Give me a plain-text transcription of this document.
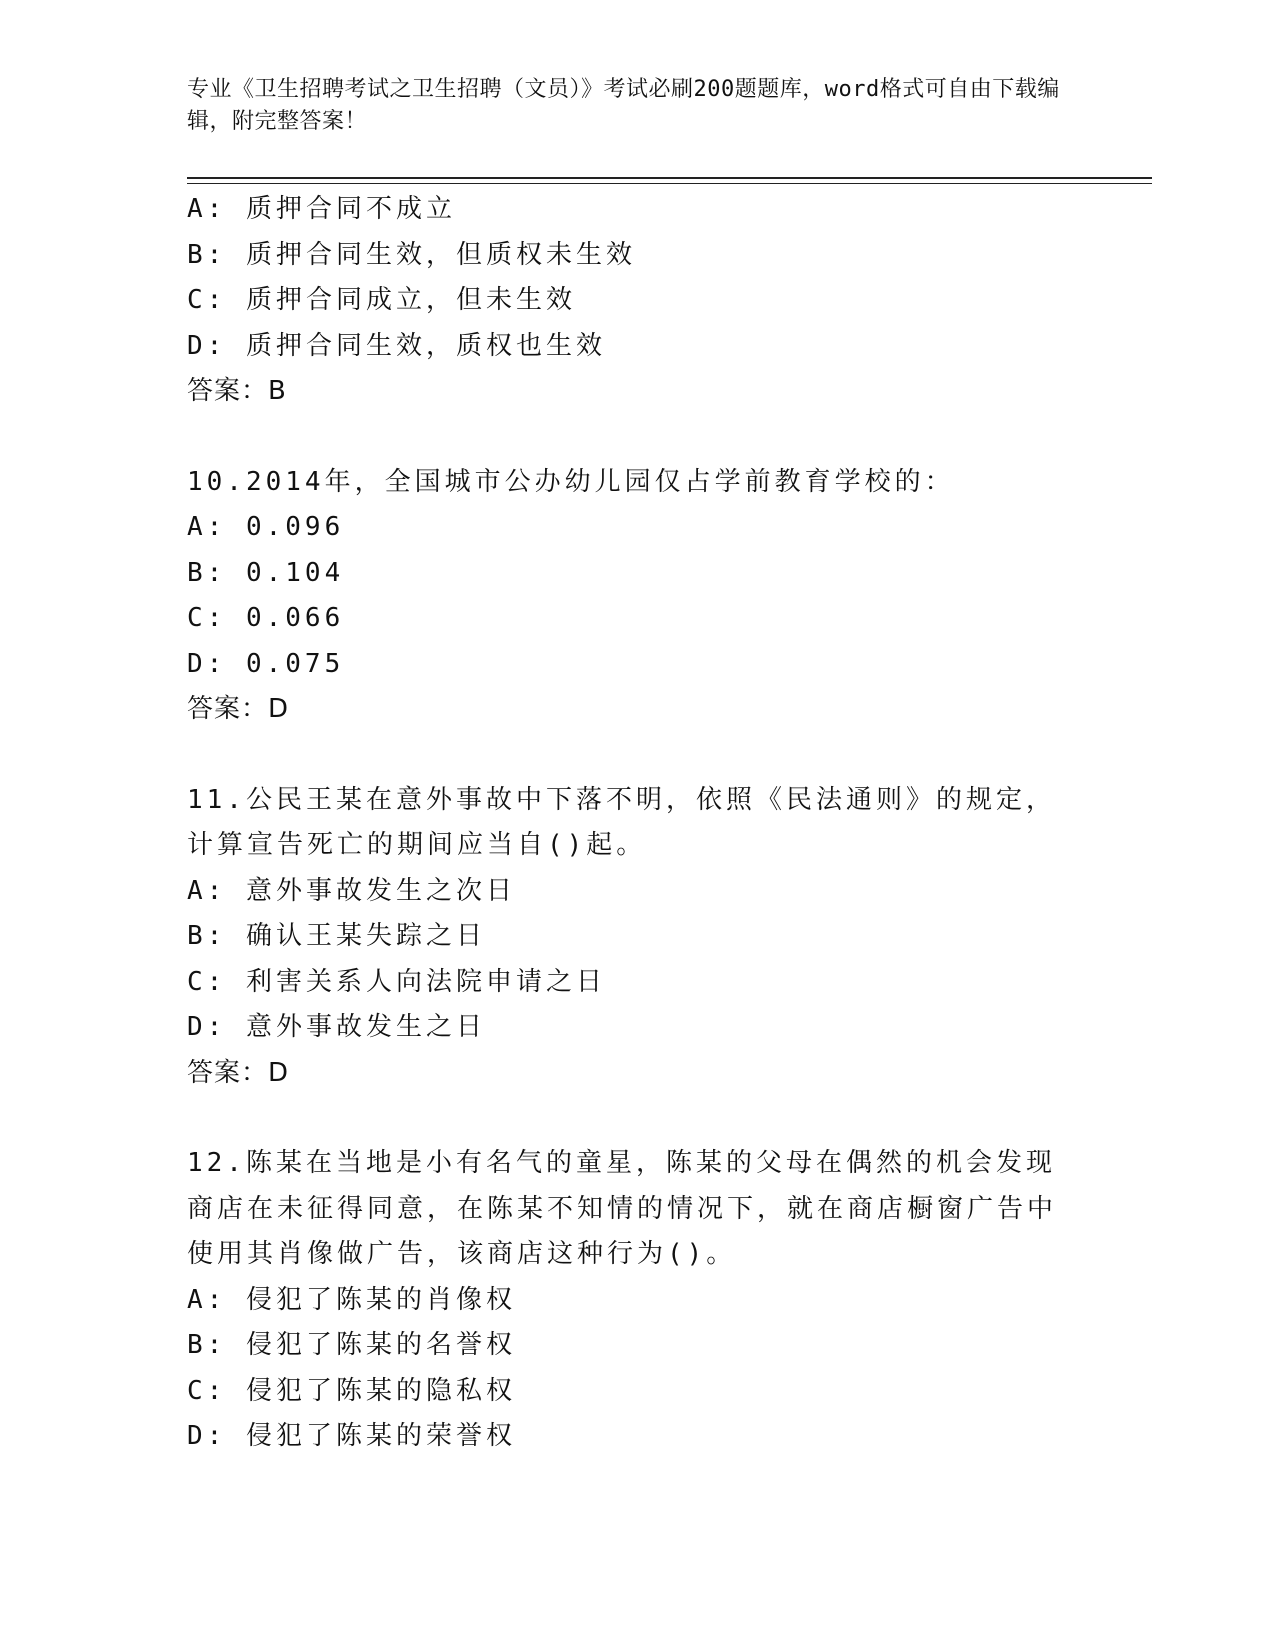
专业《卫生招聘考试之卫生招聘（文员）》考试必刷200题题库，word格式可自由下载编辑，附完整答案！

A: 质押合同不成立

B: 质押合同生效，但质权未生效

C: 质押合同成立，但未生效

D: 质押合同生效，质权也生效

答案：B

10.2014年，全国城市公办幼儿园仅占学前教育学校的：

A: 0.096

B: 0.104

C: 0.066

D: 0.075

答案：D

11.公民王某在意外事故中下落不明，依照《民法通则》的规定，计算宣告死亡的期间应当自()起。

A: 意外事故发生之次日

B: 确认王某失踪之日

C: 利害关系人向法院申请之日

D: 意外事故发生之日

答案：D

12.陈某在当地是小有名气的童星，陈某的父母在偶然的机会发现商店在未征得同意，在陈某不知情的情况下，就在商店橱窗广告中使用其肖像做广告，该商店这种行为()。

A: 侵犯了陈某的肖像权

B: 侵犯了陈某的名誉权

C: 侵犯了陈某的隐私权

D: 侵犯了陈某的荣誉权
